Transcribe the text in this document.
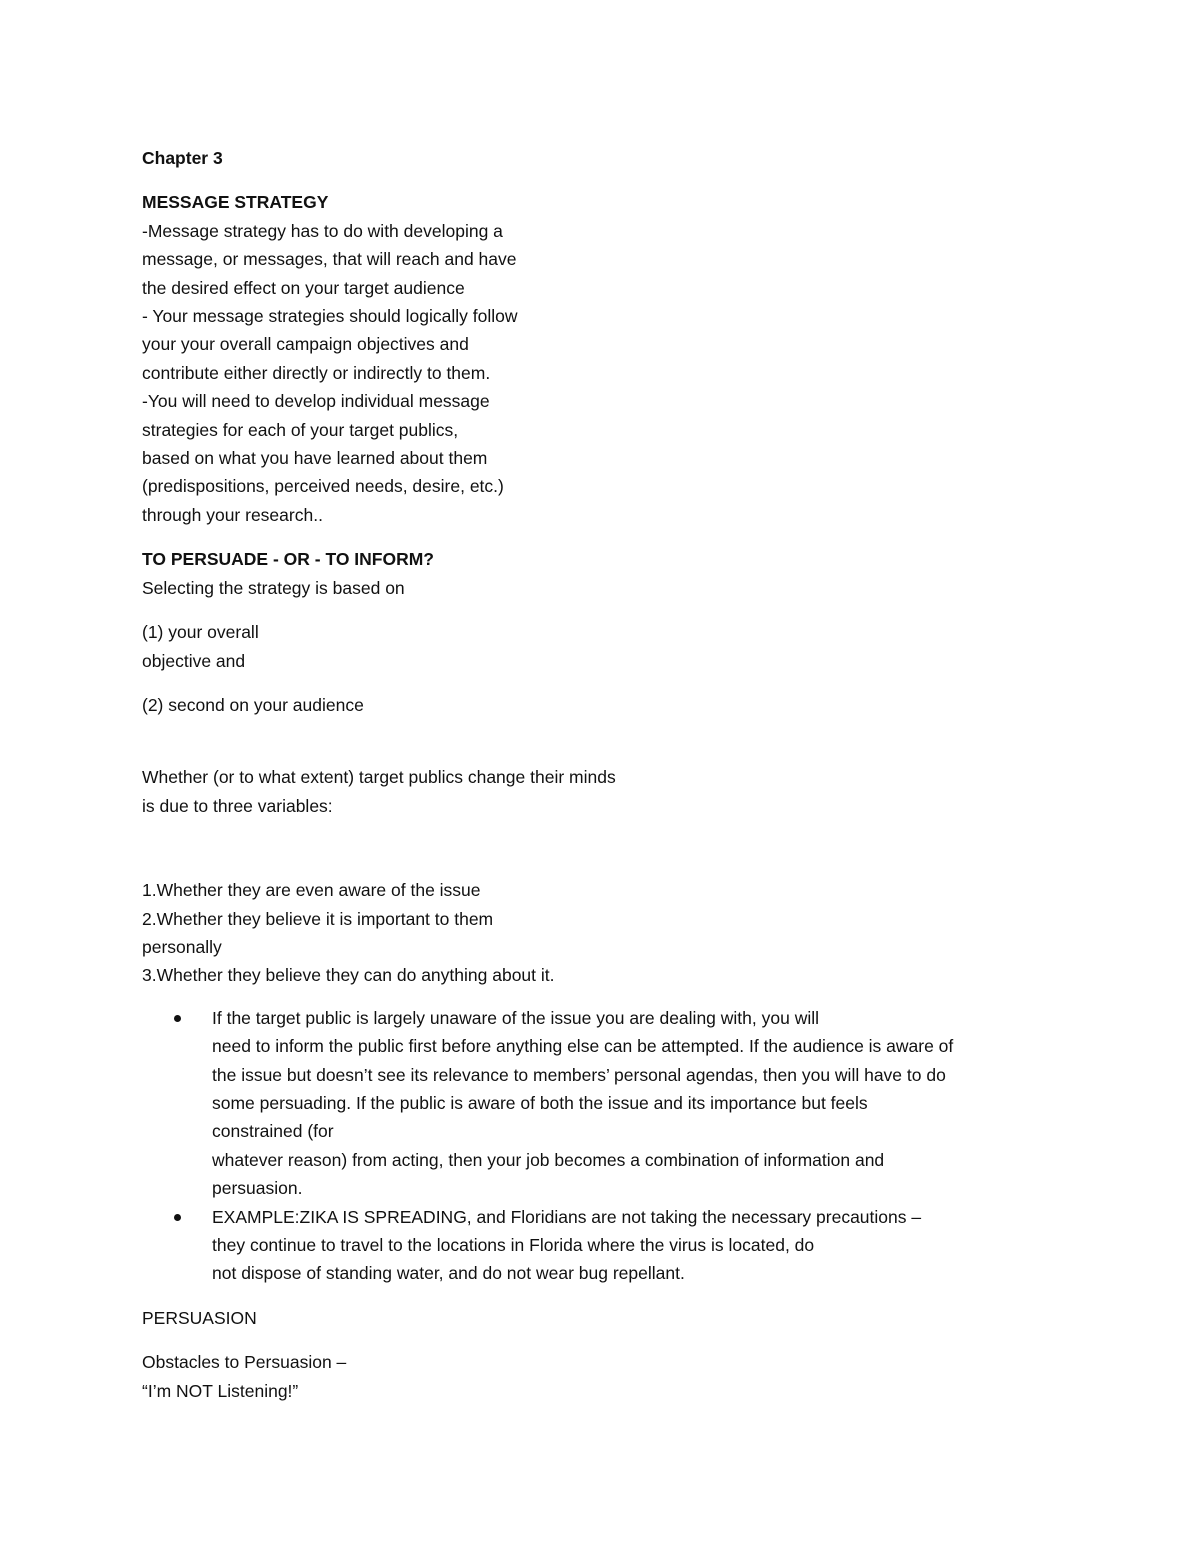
Chapter 3
MESSAGE STRATEGY
-Message strategy has to do with developing a
message, or messages, that will reach and have
the desired effect on your target audience
- Your message strategies should logically follow
your your overall campaign objectives and
contribute either directly or indirectly to them.
-You will need to develop individual message
strategies for each of your target publics,
based on what you have learned about them
(predispositions, perceived needs, desire, etc.)
through your research..
TO PERSUADE - OR - TO INFORM?
Selecting the strategy is based on
(1) your overall
objective and
(2) second on your audience
Whether (or to what extent) target publics change their minds
is due to three variables:
1.Whether they are even aware of the issue
2.Whether they believe it is important to them
personally
3.Whether they believe they can do anything about it.
If the target public is largely unaware of the issue you are dealing with, you will
need to inform the public first before anything else can be attempted. If the audience is aware of
the issue but doesn’t see its relevance to members’ personal agendas, then you will have to do
some persuading. If the public is aware of both the issue and its importance but feels
constrained (for
whatever reason) from acting, then your job becomes a combination of information and
persuasion.
EXAMPLE:ZIKA IS SPREADING, and Floridians are not taking the necessary precautions –
they continue to travel to the locations in Florida where the virus is located, do
not dispose of standing water, and do not wear bug repellant.
PERSUASION
Obstacles to Persuasion –
“I’m NOT Listening!”
